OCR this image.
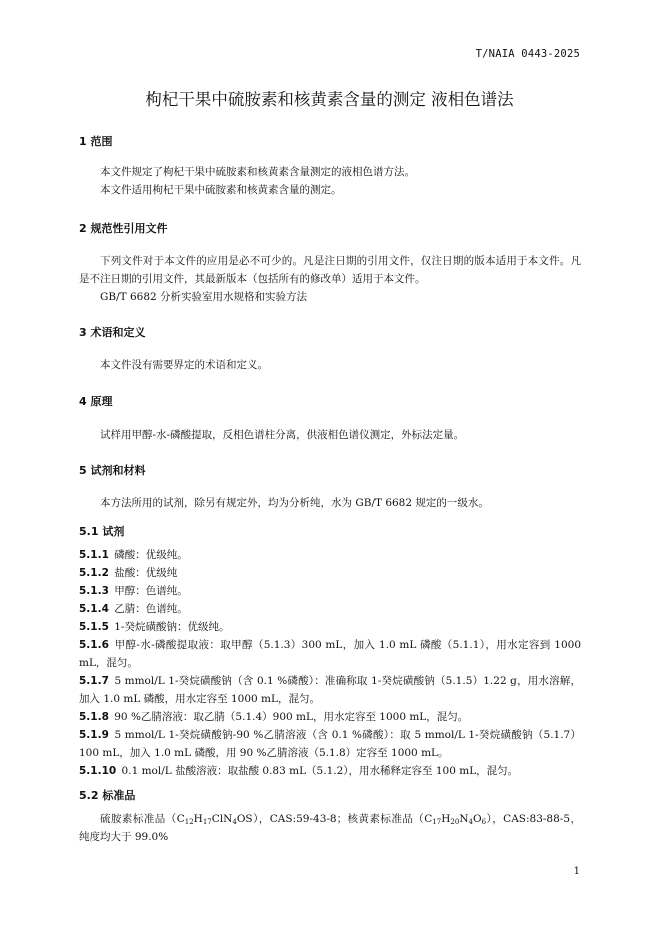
T/NAIA 0443-2025
枸杞干果中硫胺素和核黄素含量的测定 液相色谱法
1 范围

本文件规定了枸杞干果中硫胺素和核黄素含量测定的液相色谱方法。

本文件适用枸杞干果中硫胺素和核黄素含量的测定。

2 规范性引用文件

下列文件对于本文件的应用是必不可少的。凡是注日期的引用文件，仅注日期的版本适用于本文件。凡是不注日期的引用文件，其最新版本（包括所有的修改单）适用于本文件。

GB/T 6682 分析实验室用水规格和实验方法

3 术语和定义

本文件没有需要界定的术语和定义。

4 原理

试样用甲醇-水-磷酸提取，反相色谱柱分离，供液相色谱仪测定，外标法定量。

5 试剂和材料

本方法所用的试剂，除另有规定外，均为分析纯，水为 GB/T 6682 规定的一级水。

5.1 试剂

5.1.1 磷酸：优级纯。

5.1.2 盐酸：优级纯

5.1.3 甲醇：色谱纯。

5.1.4 乙腈：色谱纯。

5.1.5 1-癸烷磺酸钠：优级纯。

5.1.6 甲醇-水-磷酸提取液：取甲醇（5.1.3）300 mL，加入 1.0 mL 磷酸（5.1.1），用水定容到 1000 mL，混匀。

5.1.7 5 mmol/L 1-癸烷磺酸钠（含 0.1 %磷酸）：准确称取 1-癸烷磺酸钠（5.1.5）1.22 g，用水溶解，加入 1.0 mL 磷酸，用水定容至 1000 mL，混匀。

5.1.8 90 %乙腈溶液：取乙腈（5.1.4）900 mL，用水定容至 1000 mL，混匀。

5.1.9 5 mmol/L 1-癸烷磺酸钠-90 %乙腈溶液（含 0.1 %磷酸）：取 5 mmol/L 1-癸烷磺酸钠（5.1.7）100 mL，加入 1.0 mL 磷酸，用 90 %乙腈溶液（5.1.8）定容至 1000 mL。

5.1.10 0.1 mol/L 盐酸溶液：取盐酸 0.83 mL（5.1.2），用水稀释定容至 100 mL，混匀。

5.2 标准品

硫胺素标准品$(C_{12}H_{17}ClN_4OS)$，CAS:59-43-8；核黄素标准品$(C_{17}H_{20}N_4O_6)$，CAS:83-88-5，纯度均大于 99.0%

1
